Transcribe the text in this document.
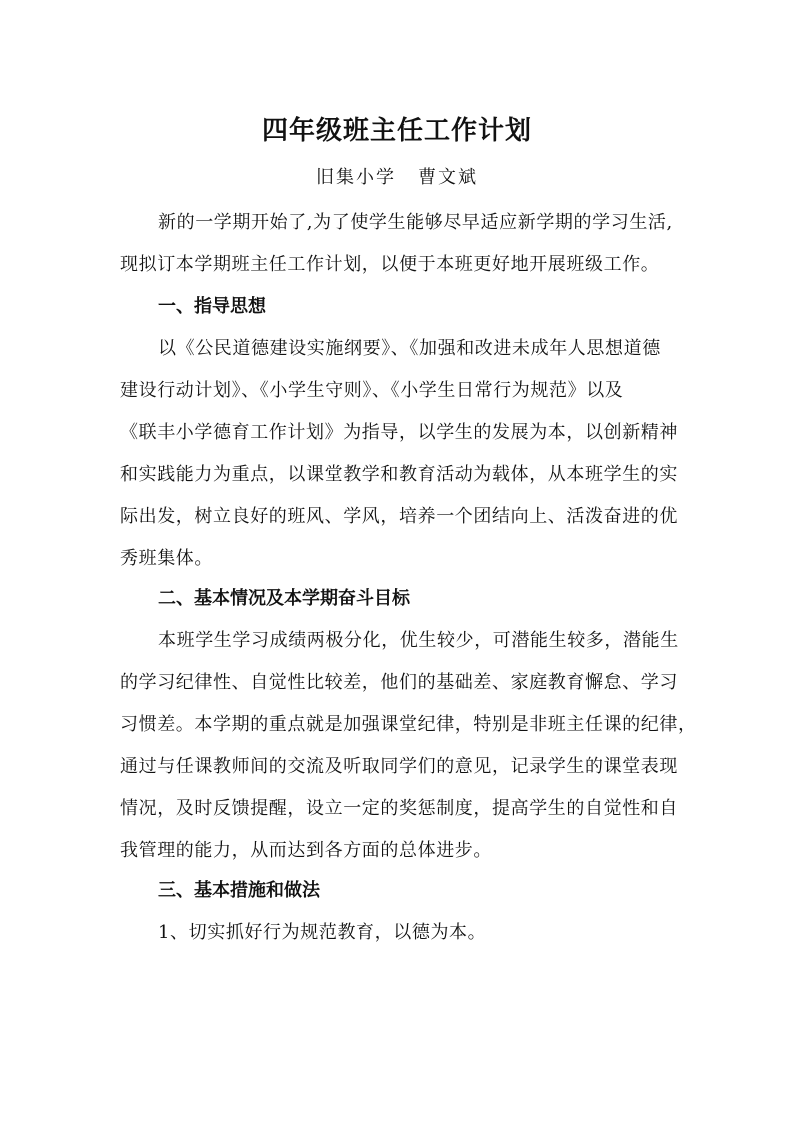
四年级班主任工作计划
旧集小学 曹文斌
新的一学期开始了,为了使学生能够尽早适应新学期的学习生活,
现拟订本学期班主任工作计划，以便于本班更好地开展班级工作。
一、指导思想
以《公民道德建设实施纲要》、《加强和改进未成年人思想道德
建设行动计划》、《小学生守则》、《小学生日常行为规范》以及
《联丰小学德育工作计划》为指导，以学生的发展为本，以创新精神
和实践能力为重点，以课堂教学和教育活动为载体，从本班学生的实
际出发，树立良好的班风、学风，培养一个团结向上、活泼奋进的优
秀班集体。
二、基本情况及本学期奋斗目标
本班学生学习成绩两极分化，优生较少，可潜能生较多，潜能生
的学习纪律性、自觉性比较差，他们的基础差、家庭教育懈怠、学习
习惯差。本学期的重点就是加强课堂纪律，特别是非班主任课的纪律，
通过与任课教师间的交流及听取同学们的意见，记录学生的课堂表现
情况，及时反馈提醒，设立一定的奖惩制度，提高学生的自觉性和自
我管理的能力，从而达到各方面的总体进步。
三、基本措施和做法
1、切实抓好行为规范教育，以德为本。
